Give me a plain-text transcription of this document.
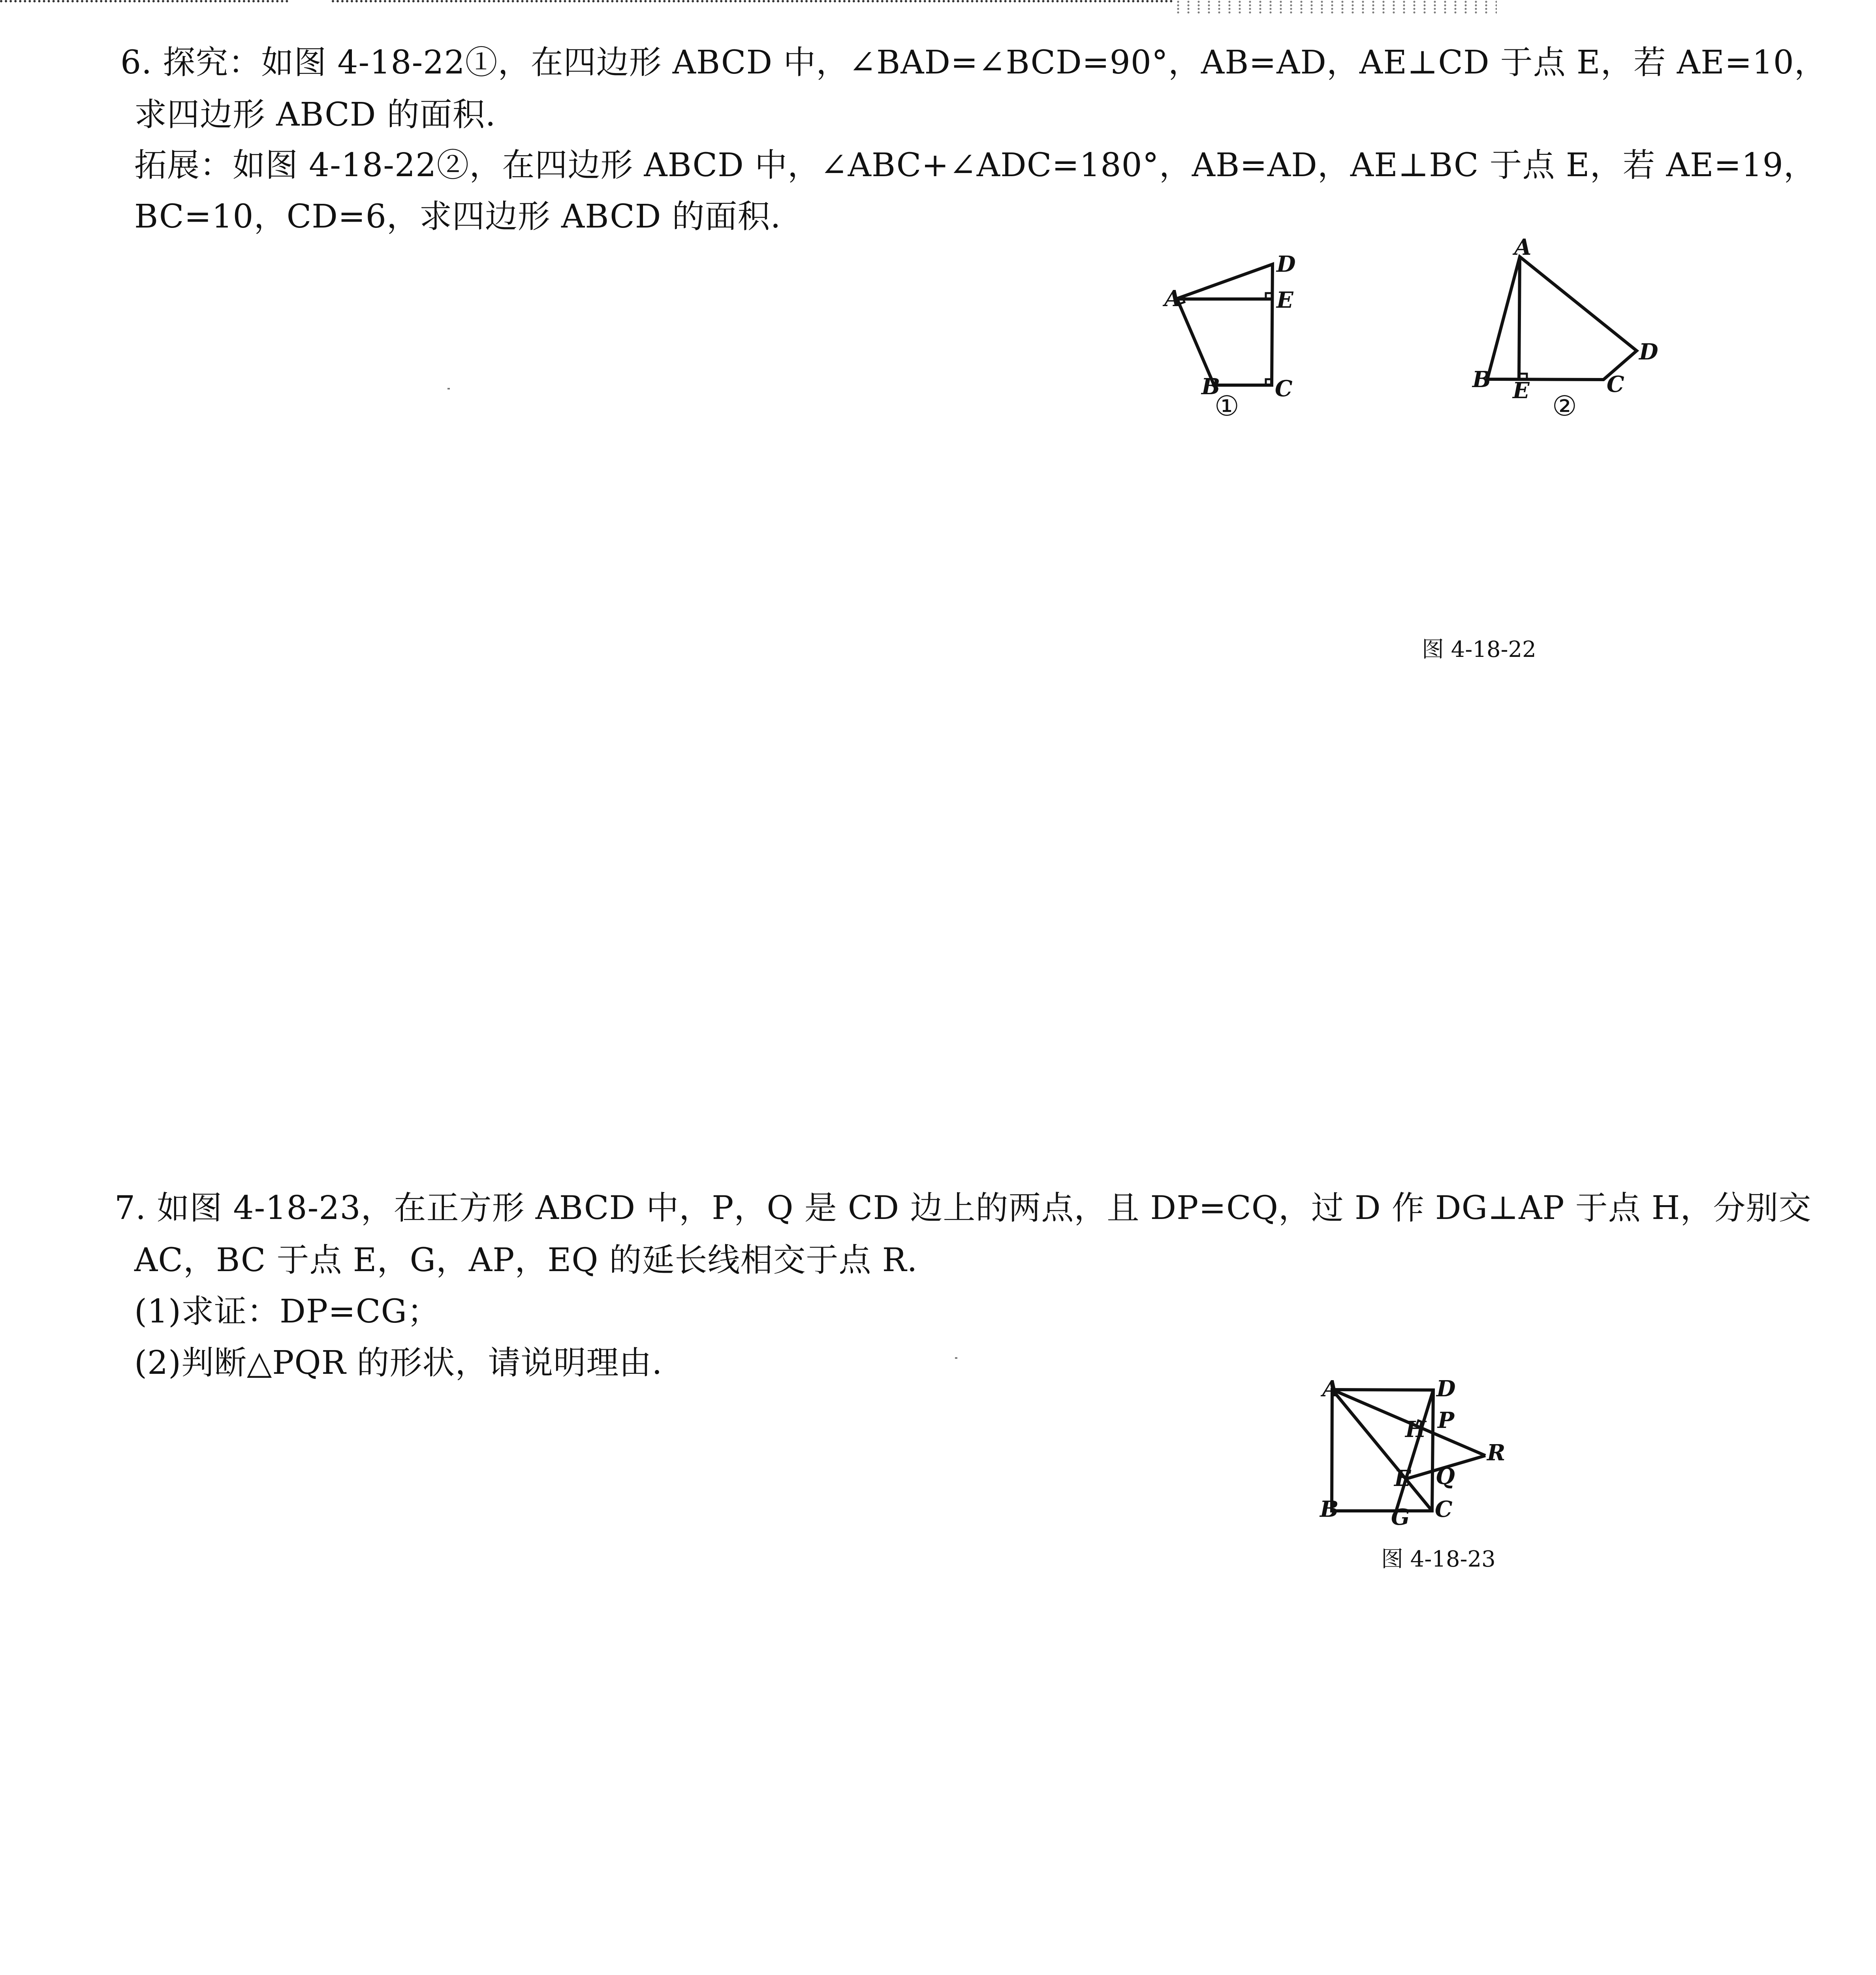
6. 探究：如图 4-18-22①，在四边形 ABCD 中，∠BAD=∠BCD=90°，AB=AD，AE⊥CD 于点 E，若 AE=10，
求四边形 ABCD 的面积.
拓展：如图 4-18-22②，在四边形 ABCD 中，∠ABC+∠ADC=180°，AB=AD，AE⊥BC 于点 E，若 AE=19，
BC=10，CD=6，求四边形 ABCD 的面积.
A
D
E
B C
①
A
B E	C
D
②
图 4-18-22
7. 如图 4-18-23，在正方形 ABCD 中，P，Q 是 CD 边上的两点，且 DP=CQ，过 D 作 DG⊥AP 于点 H，分别交
AC，BC 于点 E，G，AP，EQ 的延长线相交于点 R.
(1)求证：DP=CG；
(2)判断△PQR 的形状，请说明理由.
A	D
P
H
R
E Q
B G C
图 4-18-23
